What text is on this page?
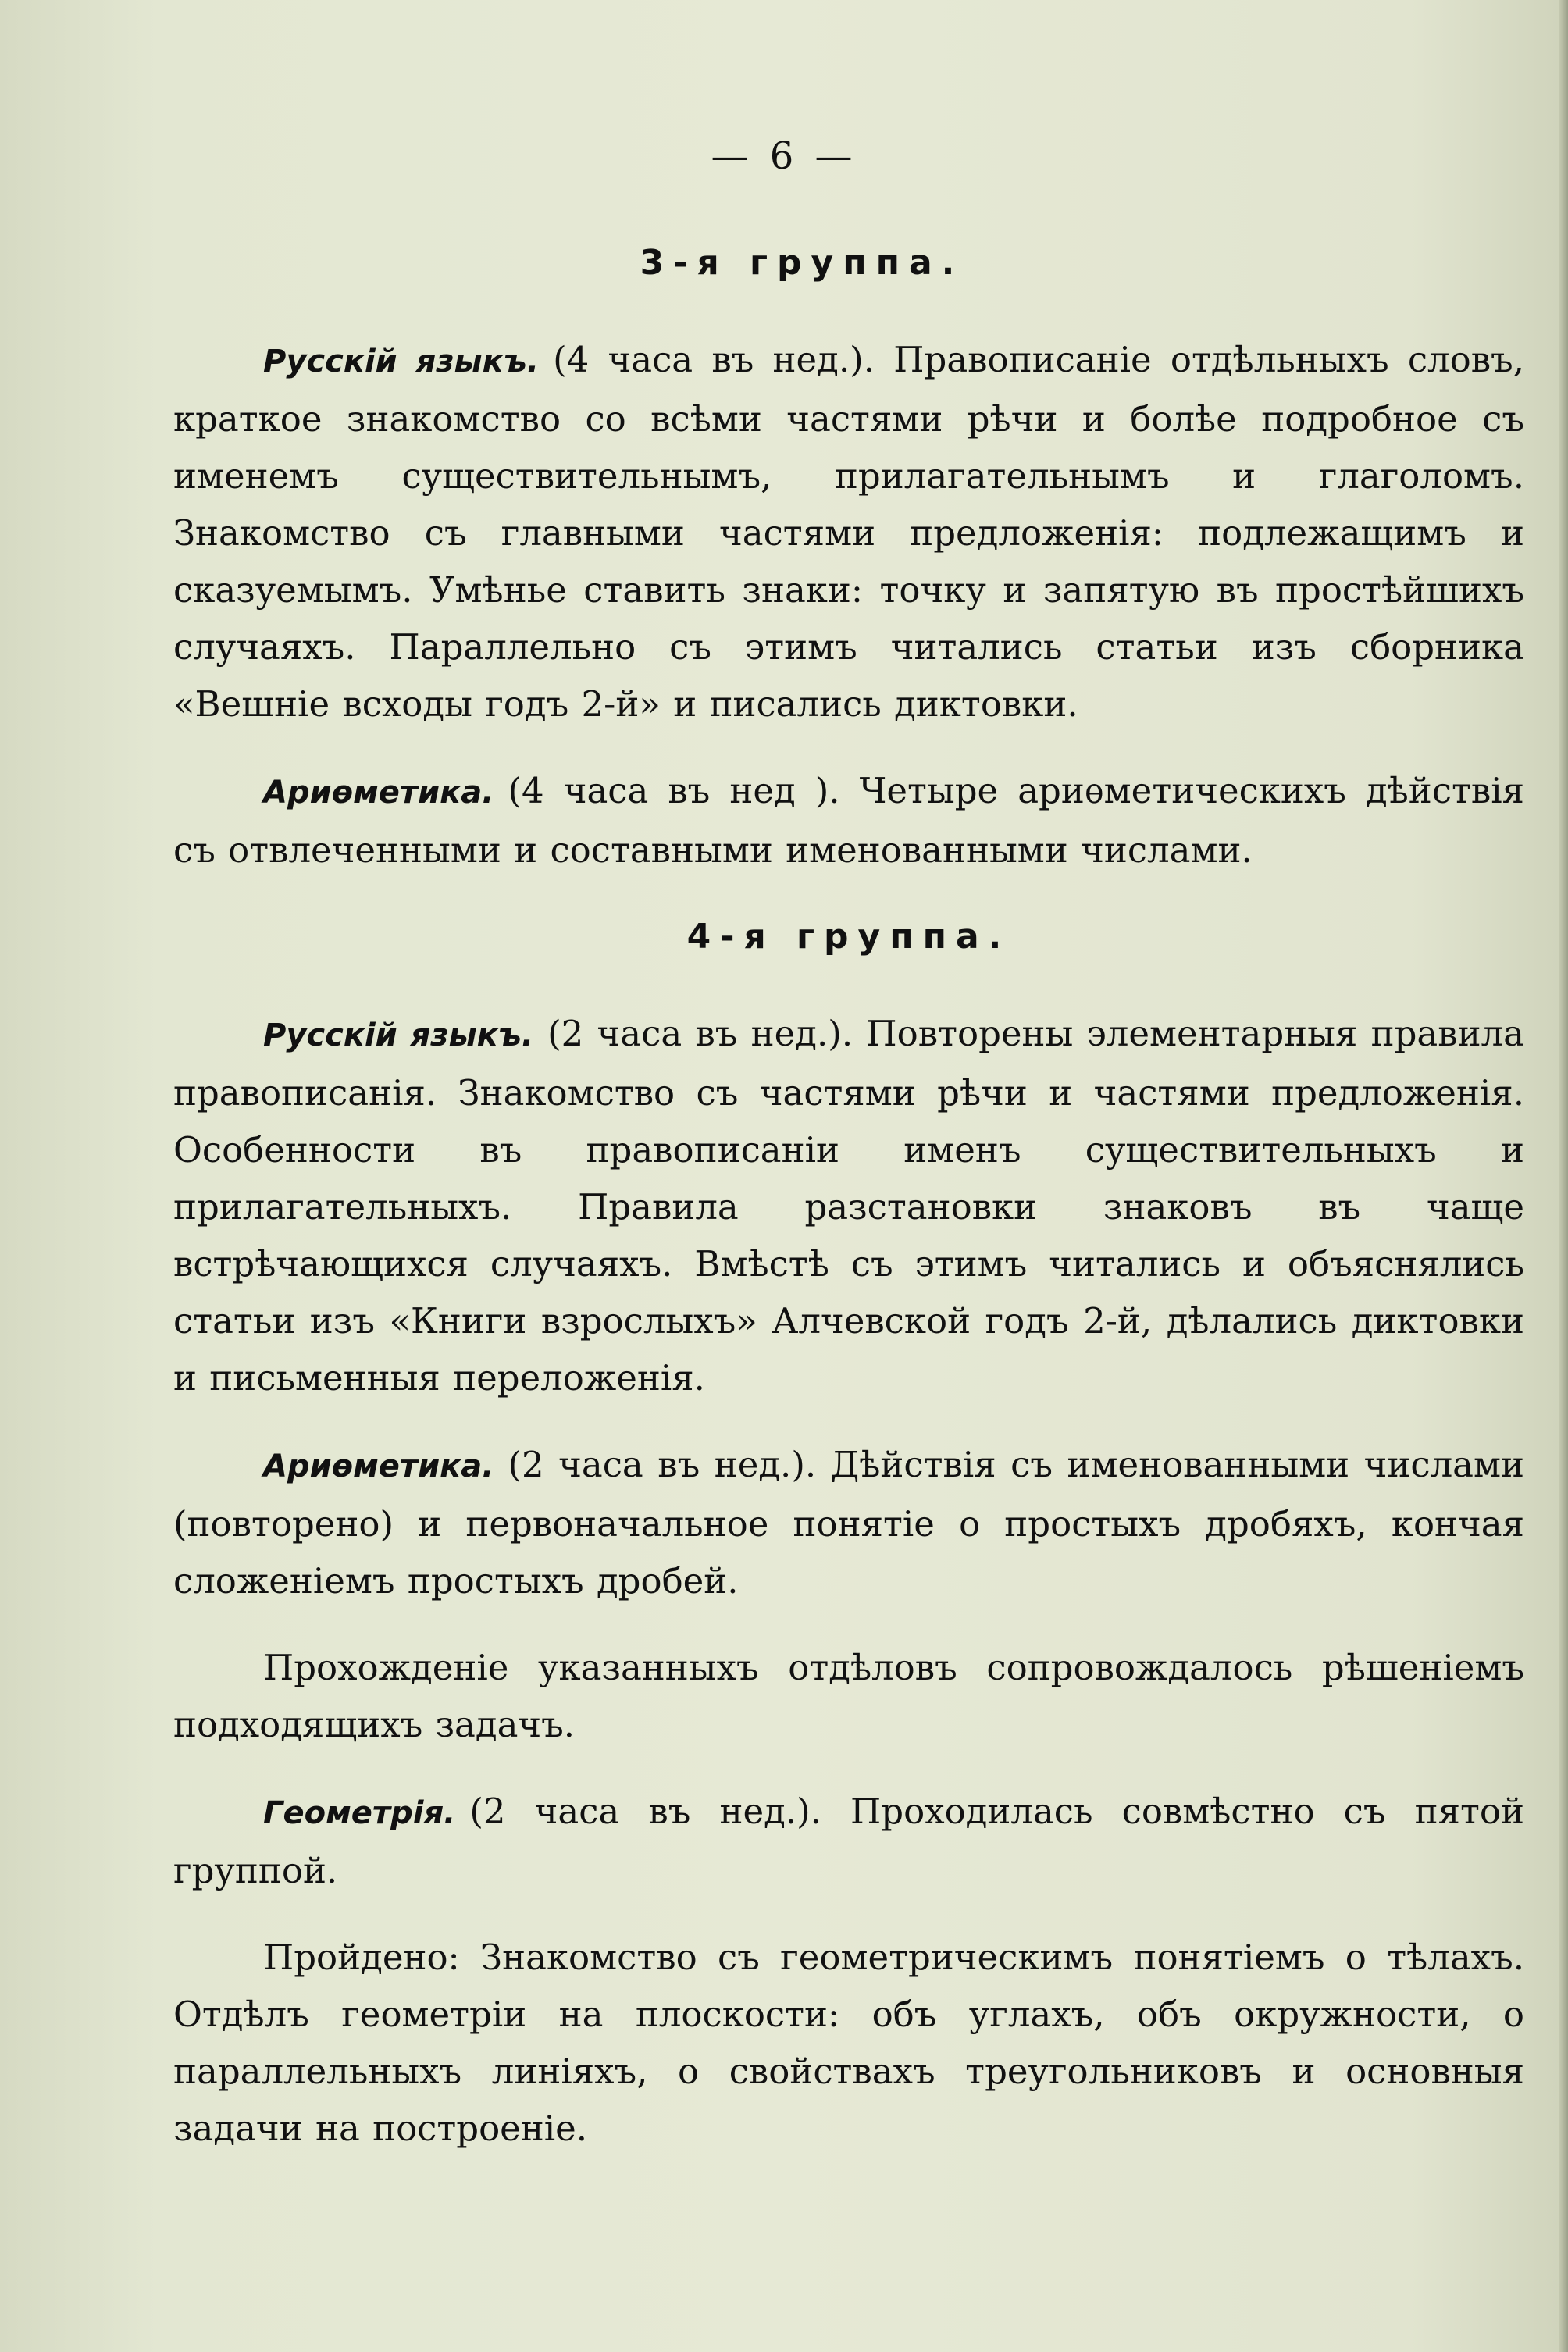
— 6 —
3-я группа.

Русскій языкъ. (4 часа въ нед.). Правописаніе отдѣльныхъ словъ, краткое знакомство со всѣми частями рѣчи и болѣе подробное съ именемъ существительнымъ, прилагательнымъ и глаголомъ. Знакомство съ главными частями предложенія: подлежащимъ и сказуемымъ. Умѣнье ставить знаки: точку и запятую въ простѣйшихъ случаяхъ. Параллельно съ этимъ читались статьи изъ сборника «Вешніе всходы годъ 2-й» и писались диктовки.

Ариѳметика. (4 часа въ нед ). Четыре ариѳметическихъ дѣйствія съ отвлеченными и составными именованными числами.

4-я группа.

Русскій языкъ. (2 часа въ нед.). Повторены элементарныя правила правописанія. Знакомство съ частями рѣчи и частями предложенія. Особенности въ правописаніи именъ существительныхъ и прилагательныхъ. Правила разстановки знаковъ въ чаще встрѣчающихся случаяхъ. Вмѣстѣ съ этимъ читались и объяснялись статьи изъ «Книги взрослыхъ» Алчевской годъ 2-й, дѣлались диктовки и письменныя переложенія.

Ариѳметика. (2 часа въ нед.). Дѣйствія съ именованными числами (повторено) и первоначальное понятіе о простыхъ дробяхъ, кончая сложеніемъ простыхъ дробей.

Прохожденіе указанныхъ отдѣловъ сопровождалось рѣшеніемъ подходящихъ задачъ.

Геометрія. (2 часа въ нед.). Проходилась совмѣстно съ пятой группой.

Пройдено: Знакомство съ геометрическимъ понятіемъ о тѣлахъ. Отдѣлъ геометріи на плоскости: объ углахъ, объ окружности, о параллельныхъ линіяхъ, о свойствахъ треугольниковъ и основныя задачи на построеніе.
